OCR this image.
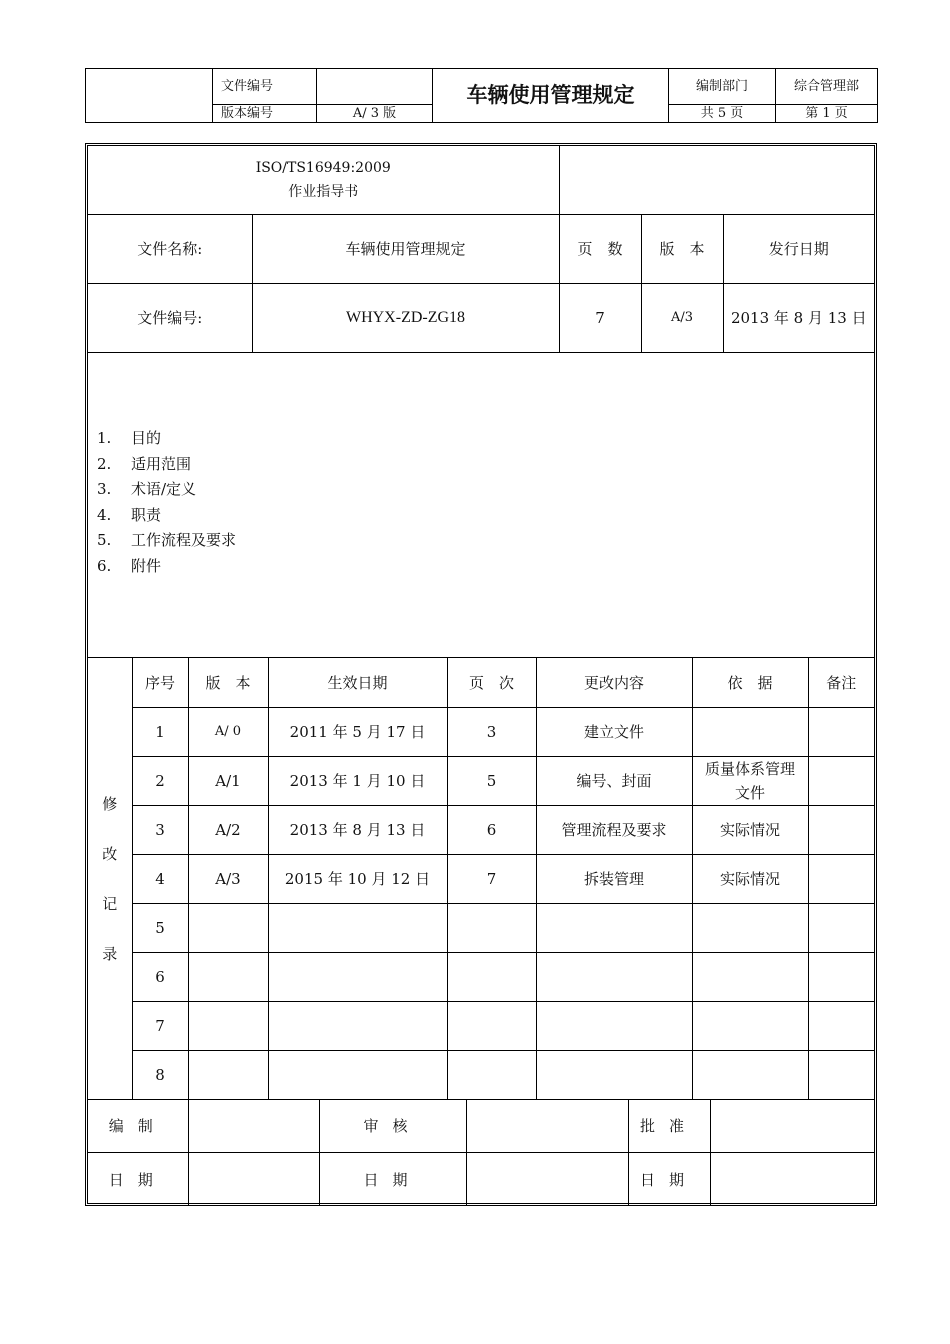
	文件编号		车辆使用管理规定	编制部门	综合管理部
	版本编号	A/ 3 版		共 5 页	第 1 页
ISO/TS16949:2009
作业指导书				

文件名称:	车辆使用管理规定	页　数	版　本	发行日期
文件编号:	WHYX-ZD-ZG18	7	A/3	2013 年 8 月 13 日
1. 目的
2. 适用范围
3. 术语/定义
4. 职责
5. 工作流程及要求
6. 附件
修改记录	序号	版　本	生效日期	页　次	更改内容	依　据	备注
	1	A/ 0	2011 年 5 月 17 日	3	建立文件		
	2	A/1	2013 年 1 月 10 日	5	编号、封面	质量体系管理文件	
	3	A/2	2013 年 8 月 13 日	6	管理流程及要求	实际情况	
	4	A/3	2015 年 10 月 12 日	7	拆装管理	实际情况	
	5						
	6						
	7						
	8						
编制		审核		批准	
日期		日期		日期	
